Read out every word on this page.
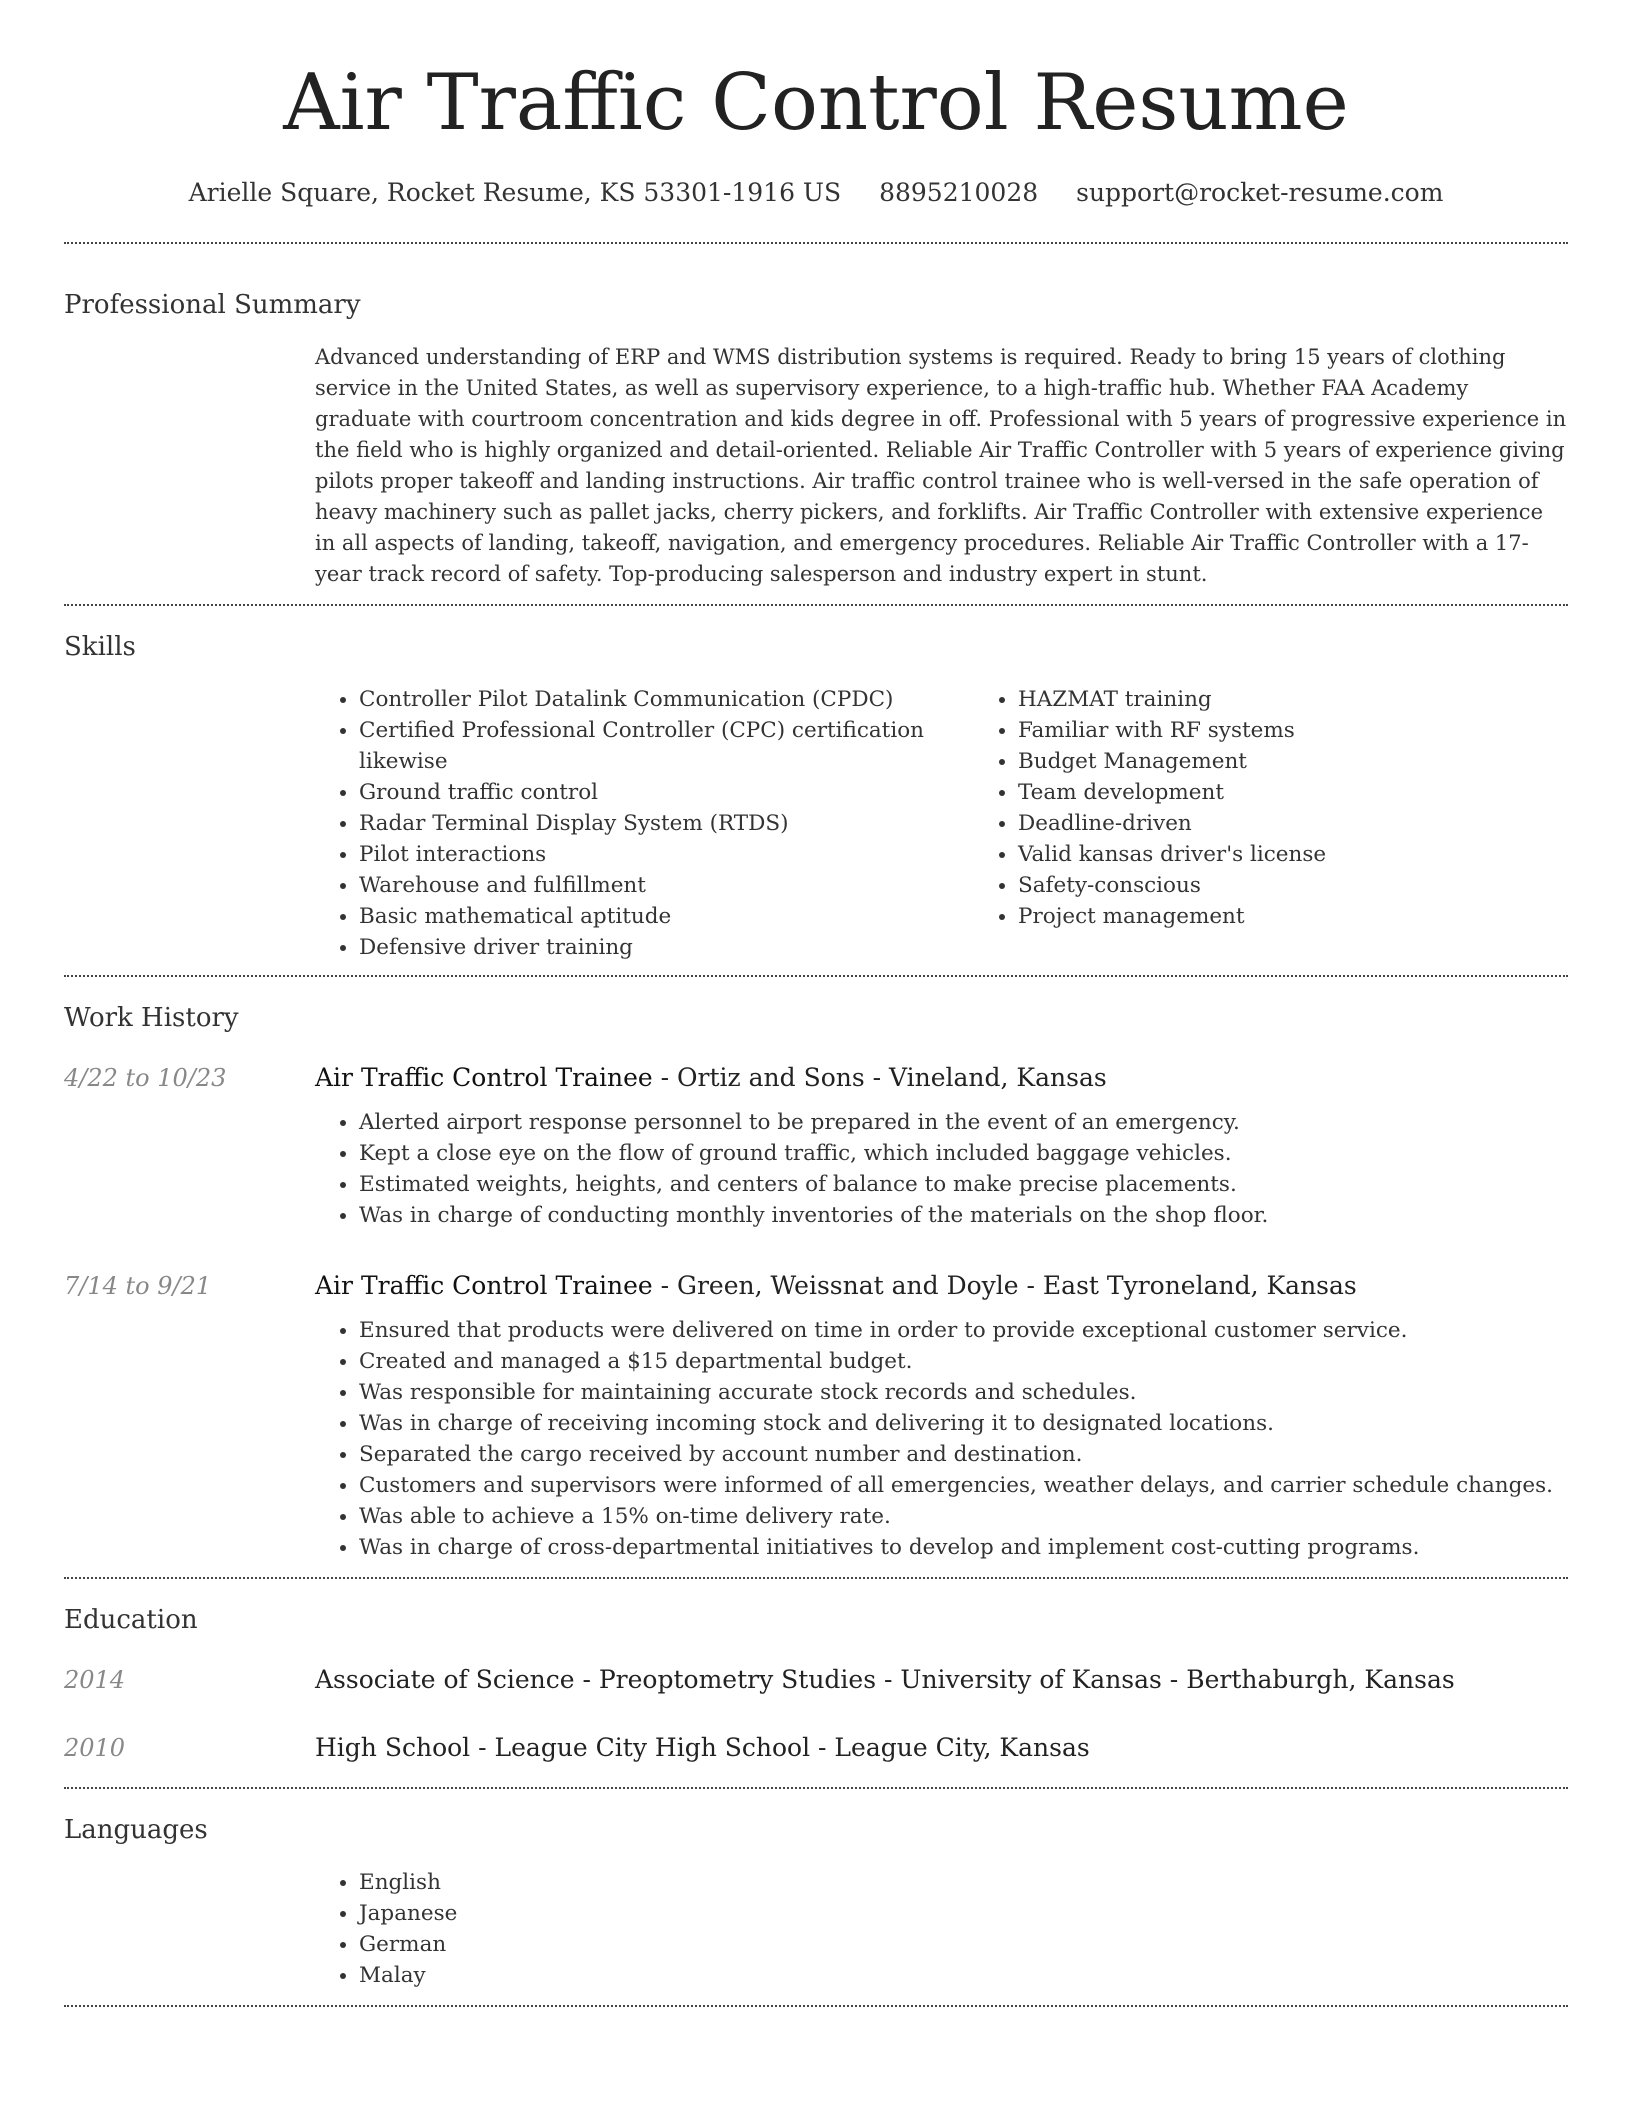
Air Traffic Control Resume
Arielle Square, Rocket Resume, KS 53301-1916 US 8895210028 support@rocket-resume.com
Professional Summary

Advanced understanding of ERP and WMS distribution systems is required. Ready to bring 15 years of clothing service in the United States, as well as supervisory experience, to a high-traffic hub. Whether FAA Academy graduate with courtroom concentration and kids degree in off. Professional with 5 years of progressive experience in the field who is highly organized and detail-oriented. Reliable Air Traffic Controller with 5 years of experience giving pilots proper takeoff and landing instructions. Air traffic control trainee who is well-versed in the safe operation of heavy machinery such as pallet jacks, cherry pickers, and forklifts. Air Traffic Controller with extensive experience in all aspects of landing, takeoff, navigation, and emergency procedures. Reliable Air Traffic Controller with a 17-year track record of safety. Top-producing salesperson and industry expert in stunt.

Skills
• Controller Pilot Datalink Communication (CPDC)
• Certified Professional Controller (CPC) certification likewise
• Ground traffic control
• Radar Terminal Display System (RTDS)
• Pilot interactions
• Warehouse and fulfillment
• Basic mathematical aptitude
• Defensive driver training
• HAZMAT training
• Familiar with RF systems
• Budget Management
• Team development
• Deadline-driven
• Valid kansas driver's license
• Safety-conscious
• Project management
Work History
4/22 to 10/23	Air Traffic Control Trainee - Ortiz and Sons - Vineland, Kansas
• Alerted airport response personnel to be prepared in the event of an emergency.
• Kept a close eye on the flow of ground traffic, which included baggage vehicles.
• Estimated weights, heights, and centers of balance to make precise placements.
• Was in charge of conducting monthly inventories of the materials on the shop floor.
7/14 to 9/21	Air Traffic Control Trainee - Green, Weissnat and Doyle - East Tyroneland, Kansas
• Ensured that products were delivered on time in order to provide exceptional customer service.
• Created and managed a $15 departmental budget.
• Was responsible for maintaining accurate stock records and schedules.
• Was in charge of receiving incoming stock and delivering it to designated locations.
• Separated the cargo received by account number and destination.
• Customers and supervisors were informed of all emergencies, weather delays, and carrier schedule changes.
• Was able to achieve a 15% on-time delivery rate.
• Was in charge of cross-departmental initiatives to develop and implement cost-cutting programs.
Education
2014	Associate of Science - Preoptometry Studies - University of Kansas - Berthaburgh, Kansas
2010	High School - League City High School - League City, Kansas
Languages
• English
• Japanese
• German
• Malay
